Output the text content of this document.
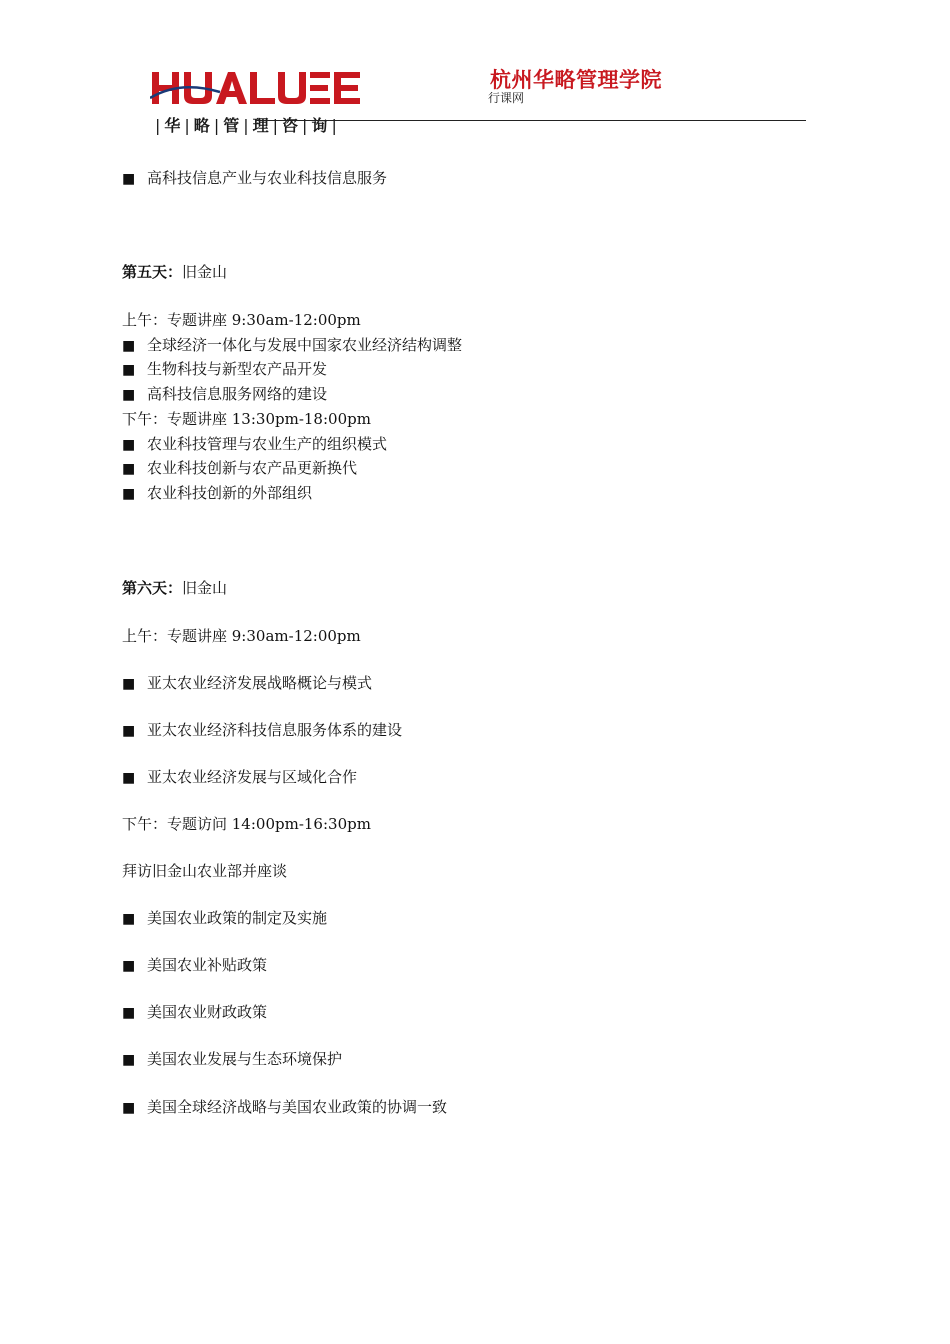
| 华 | 略 | 管 | 理 | 咨 | 询 |
杭州华略管理学院
行课网
■ 高科技信息产业与农业科技信息服务
第五天：旧金山
上午：专题讲座 9:30am-12:00pm
■ 全球经济一体化与发展中国家农业经济结构调整
■ 生物科技与新型农产品开发
■ 高科技信息服务网络的建设
下午：专题讲座 13:30pm-18:00pm
■ 农业科技管理与农业生产的组织模式
■ 农业科技创新与农产品更新换代
■ 农业科技创新的外部组织
第六天：旧金山
上午：专题讲座 9:30am-12:00pm
■ 亚太农业经济发展战略概论与模式
■ 亚太农业经济科技信息服务体系的建设
■ 亚太农业经济发展与区域化合作
下午：专题访问 14:00pm-16:30pm
拜访旧金山农业部并座谈
■ 美国农业政策的制定及实施
■ 美国农业补贴政策
■ 美国农业财政政策
■ 美国农业发展与生态环境保护
■ 美国全球经济战略与美国农业政策的协调一致
